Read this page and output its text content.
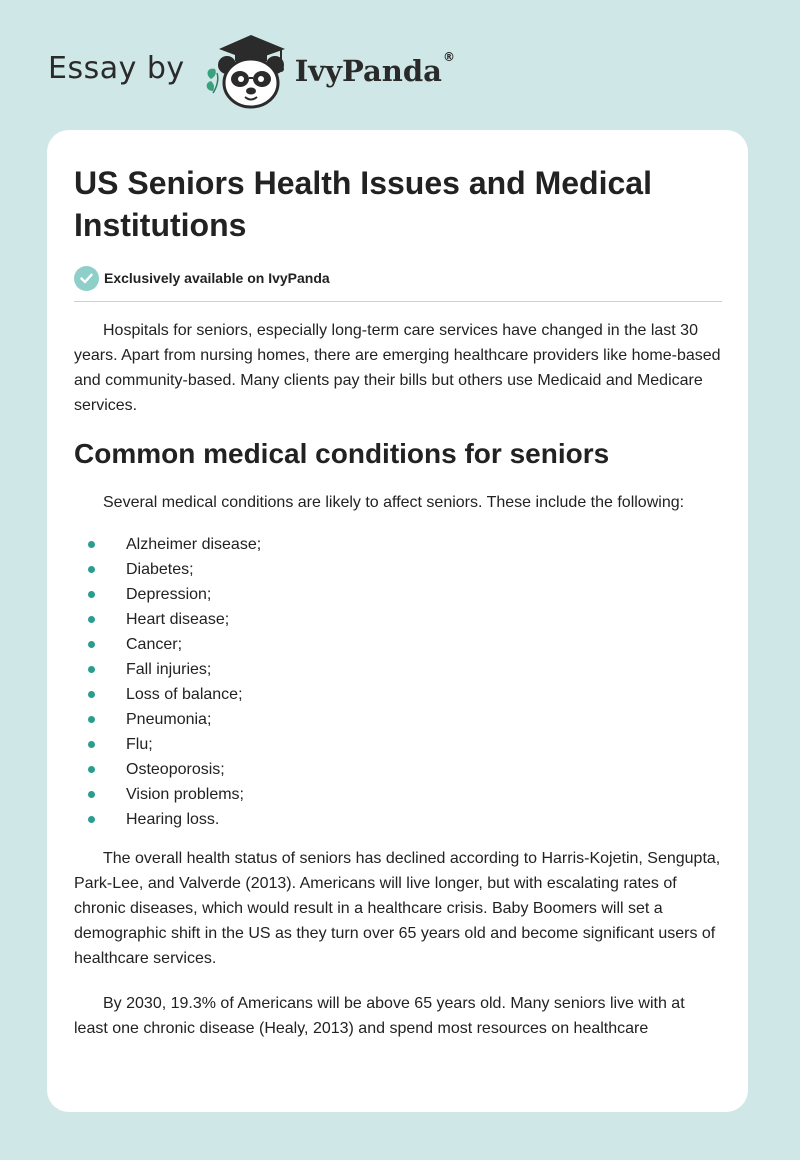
Essay by	IvyPanda®
US Seniors Health Issues and Medical Institutions
Exclusively available on IvyPanda

Hospitals for seniors, especially long-term care services have changed in the last 30 years. Apart from nursing homes, there are emerging healthcare providers like home-based and community-based. Many clients pay their bills but others use Medicaid and Medicare services.

Common medical conditions for seniors

Several medical conditions are likely to affect seniors. These include the following:

Alzheimer disease;
Diabetes;
Depression;
Heart disease;
Cancer;
Fall injuries;
Loss of balance;
Pneumonia;
Flu;
Osteoporosis;
Vision problems;
Hearing loss.

The overall health status of seniors has declined according to Harris-Kojetin, Sengupta, Park-Lee, and Valverde (2013). Americans will live longer, but with escalating rates of chronic diseases, which would result in a healthcare crisis. Baby Boomers will set a demographic shift in the US as they turn over 65 years old and become significant users of healthcare services.

By 2030, 19.3% of Americans will be above 65 years old. Many seniors live with at least one chronic disease (Healy, 2013) and spend most resources on healthcare
